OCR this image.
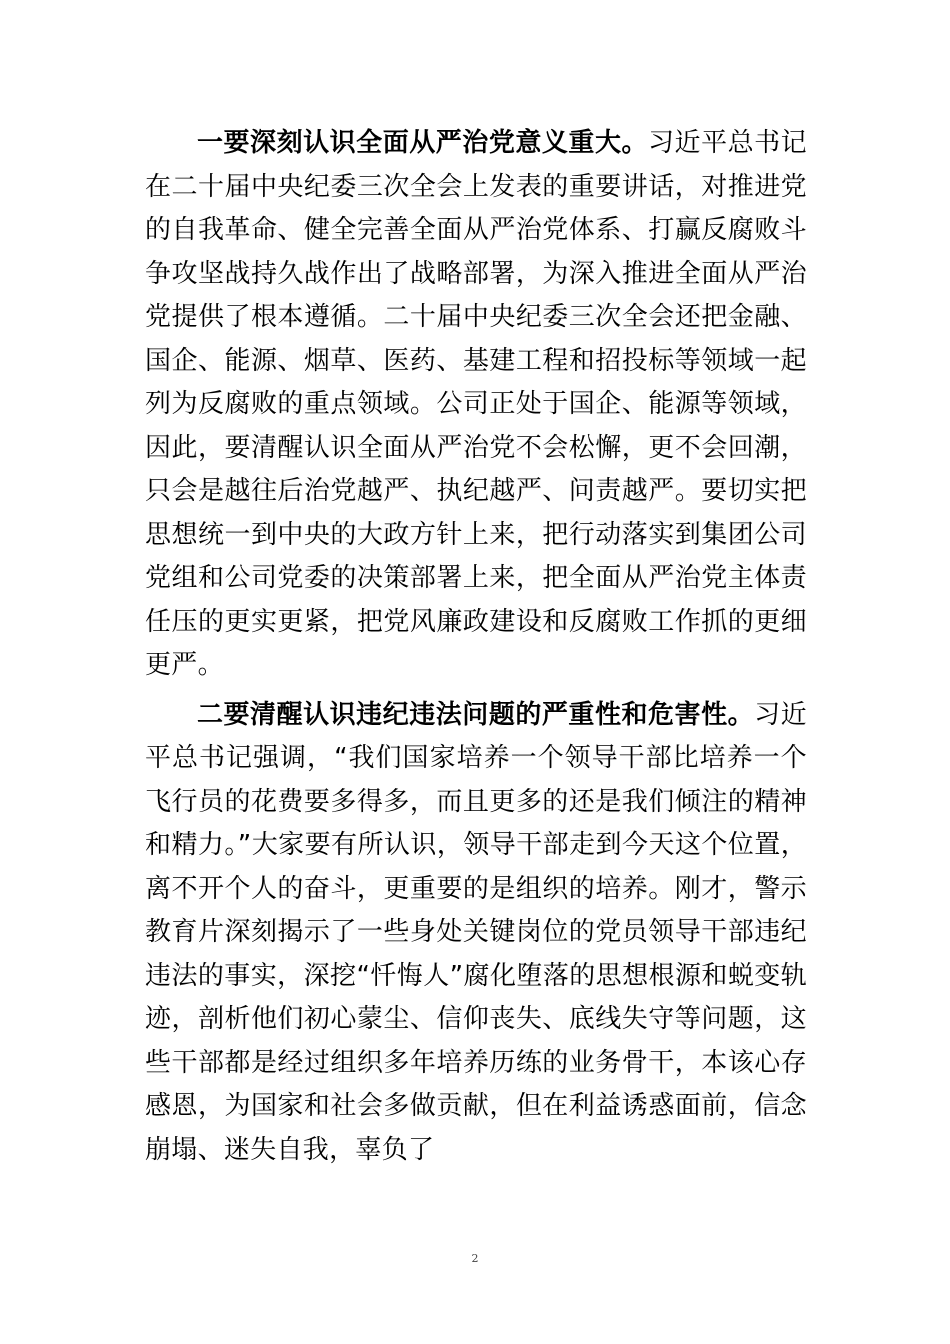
一要深刻认识全面从严治党意义重大。习近平总书记在二十届中央纪委三次全会上发表的重要讲话，对推进党的自我革命、健全完善全面从严治党体系、打赢反腐败斗争攻坚战持久战作出了战略部署，为深入推进全面从严治党提供了根本遵循。二十届中央纪委三次全会还把金融、国企、能源、烟草、医药、基建工程和招投标等领域一起列为反腐败的重点领域。公司正处于国企、能源等领域，因此，要清醒认识全面从严治党不会松懈，更不会回潮，只会是越往后治党越严、执纪越严、问责越严。要切实把思想统一到中央的大政方针上来，把行动落实到集团公司党组和公司党委的决策部署上来，把全面从严治党主体责任压的更实更紧，把党风廉政建设和反腐败工作抓的更细更严。

二要清醒认识违纪违法问题的严重性和危害性。习近平总书记强调，“我们国家培养一个领导干部比培养一个飞行员的花费要多得多，而且更多的还是我们倾注的精神和精力。”大家要有所认识，领导干部走到今天这个位置，离不开个人的奋斗，更重要的是组织的培养。刚才，警示教育片深刻揭示了一些身处关键岗位的党员领导干部违纪违法的事实，深挖“忏悔人”腐化堕落的思想根源和蜕变轨迹，剖析他们初心蒙尘、信仰丧失、底线失守等问题，这些干部都是经过组织多年培养历练的业务骨干，本该心存感恩，为国家和社会多做贡献，但在利益诱惑面前，信念崩塌、迷失自我，辜负了

2
